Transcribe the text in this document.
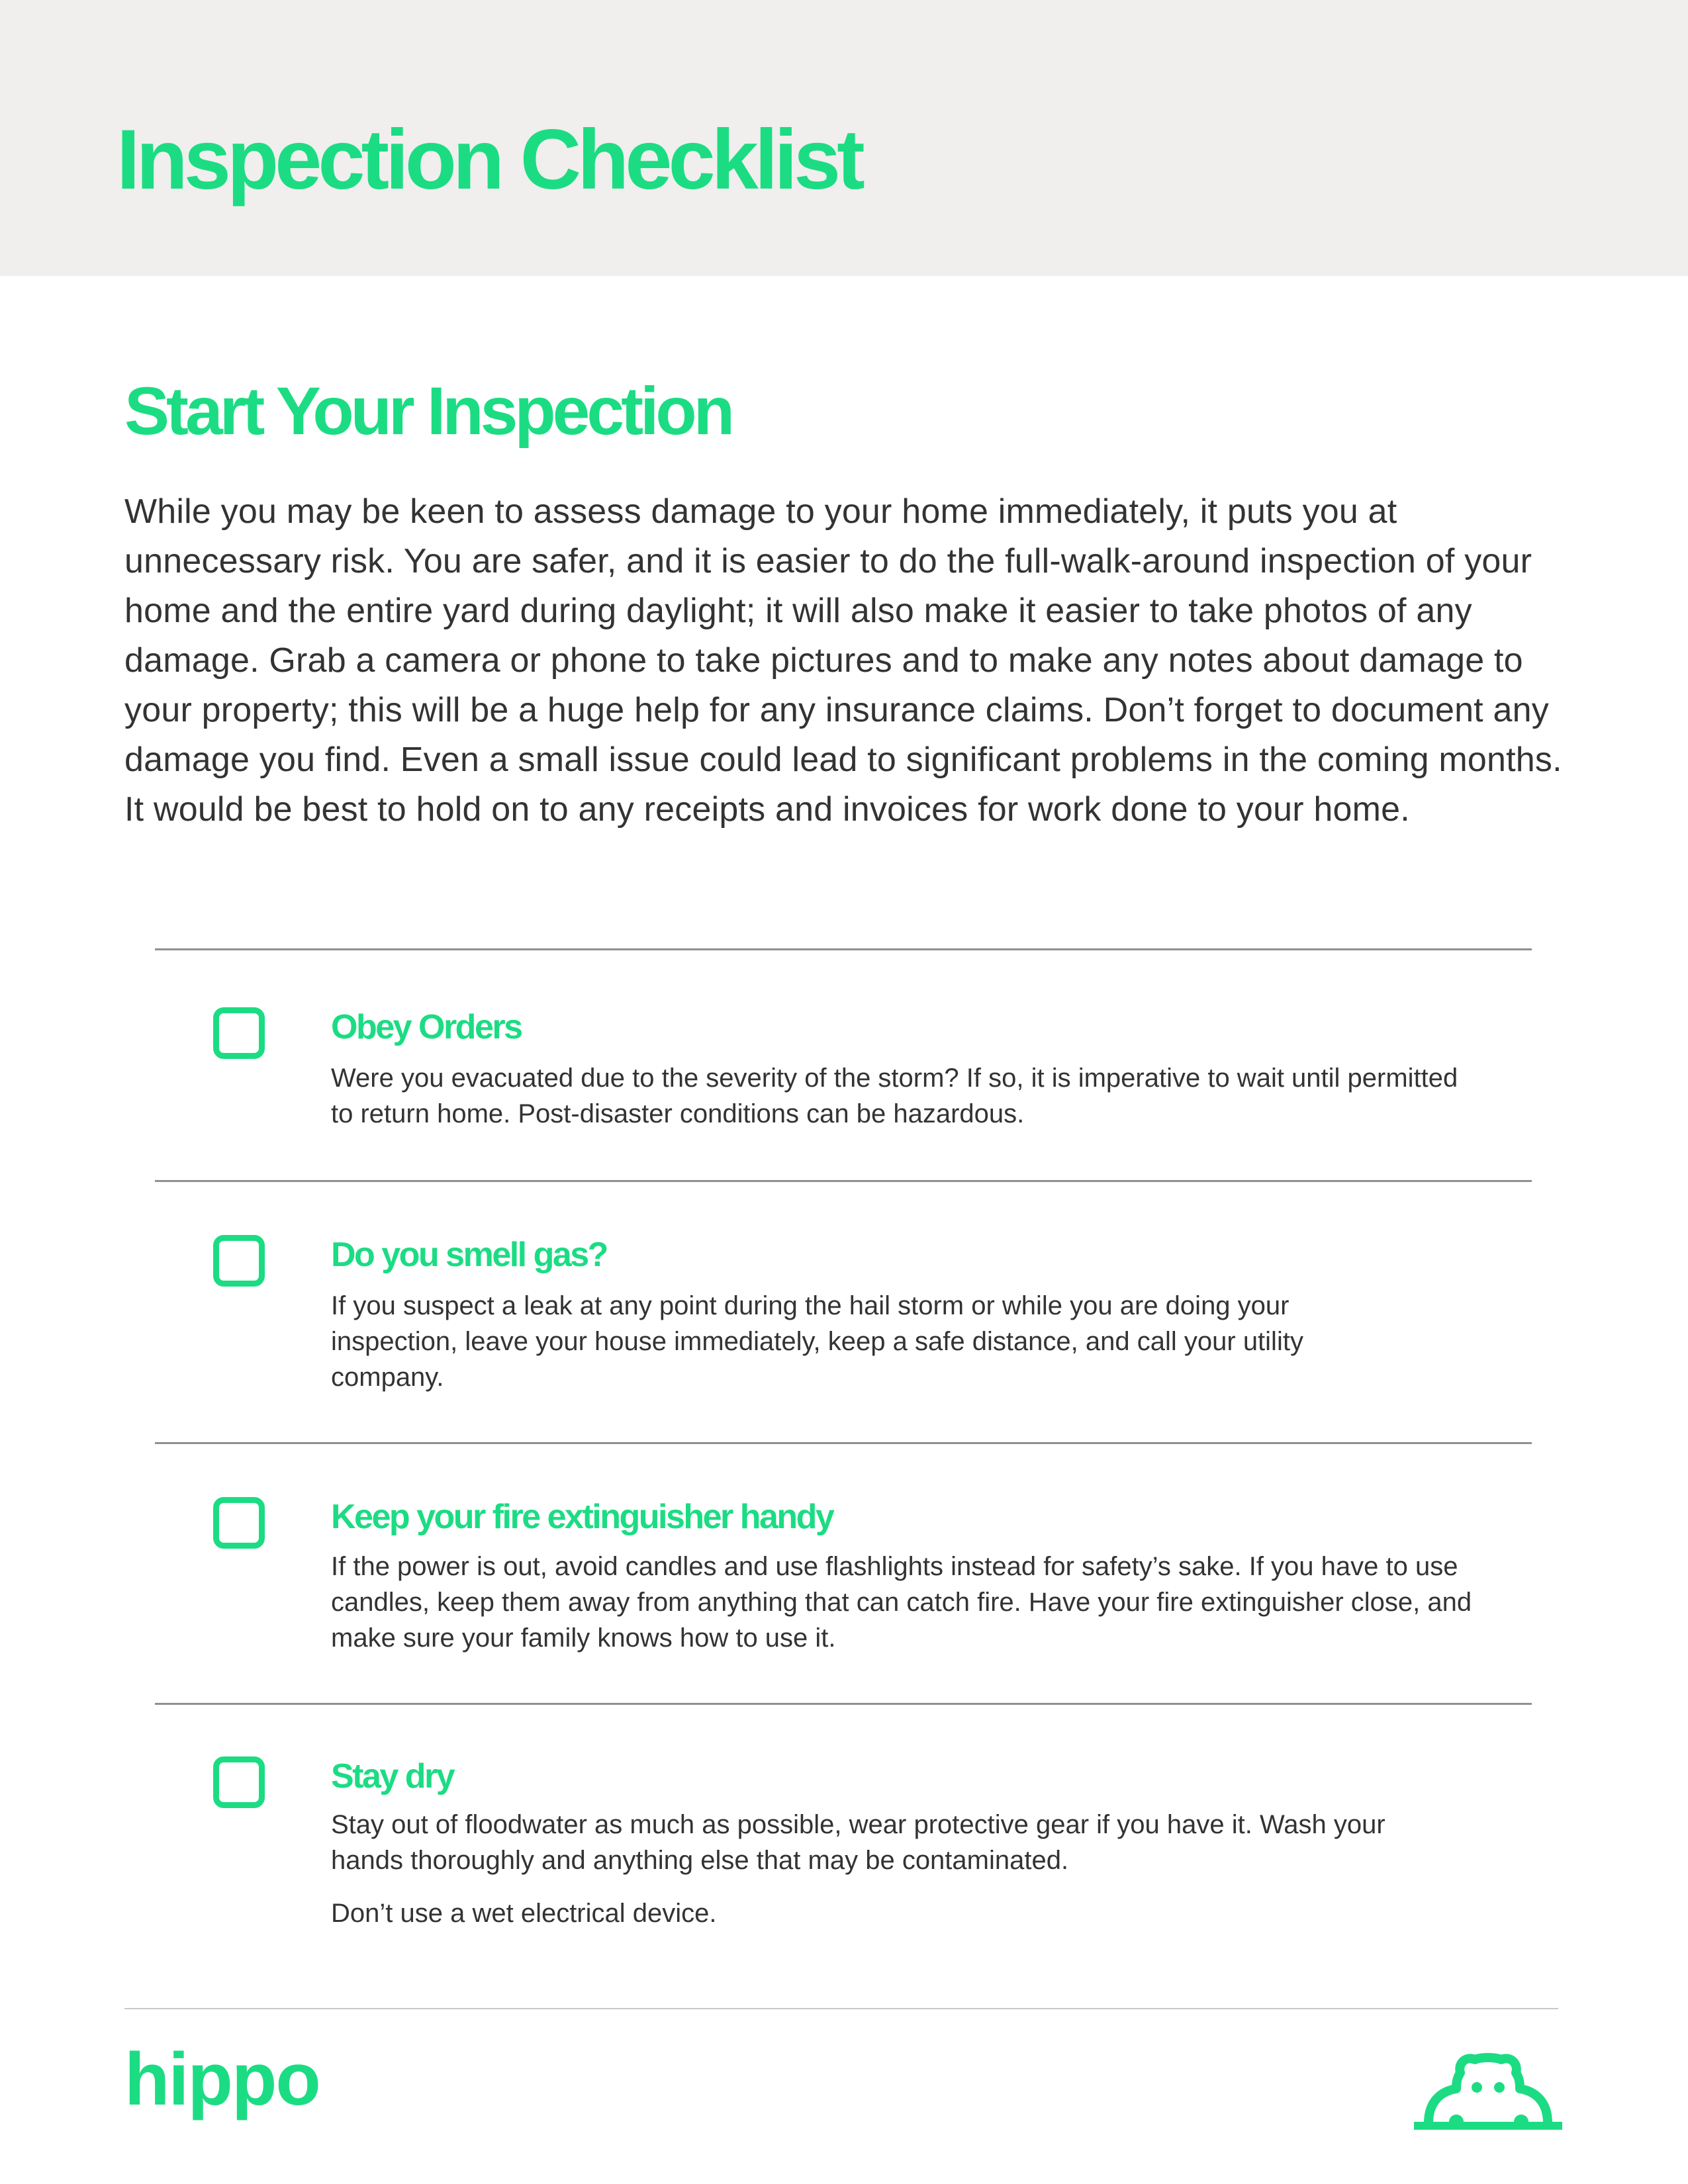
Inspection Checklist
Start Your Inspection

While you may be keen to assess damage to your home immediately, it puts you at unnecessary risk. You are safer, and it is easier to do the full-walk-around inspection of your home and the entire yard during daylight; it will also make it easier to take photos of any damage. Grab a camera or phone to take pictures and to make any notes about damage to your property; this will be a huge help for any insurance claims. Don’t forget to document any damage you find. Even a small issue could lead to significant problems in the coming months. It would be best to hold on to any receipts and invoices for work done to your home.

Obey Orders

Were you evacuated due to the severity of the storm? If so, it is imperative to wait until permitted to return home. Post-disaster conditions can be hazardous.

Do you smell gas?

If you suspect a leak at any point during the hail storm or while you are doing your inspection, leave your house immediately, keep a safe distance, and call your utility company.

Keep your fire extinguisher handy

If the power is out, avoid candles and use flashlights instead for safety’s sake. If you have to use candles, keep them away from anything that can catch fire. Have your fire extinguisher close, and make sure your family knows how to use it.

Stay dry

Stay out of floodwater as much as possible, wear protective gear if you have it. Wash your hands thoroughly and anything else that may be contaminated.

Don’t use a wet electrical device.

hippo
